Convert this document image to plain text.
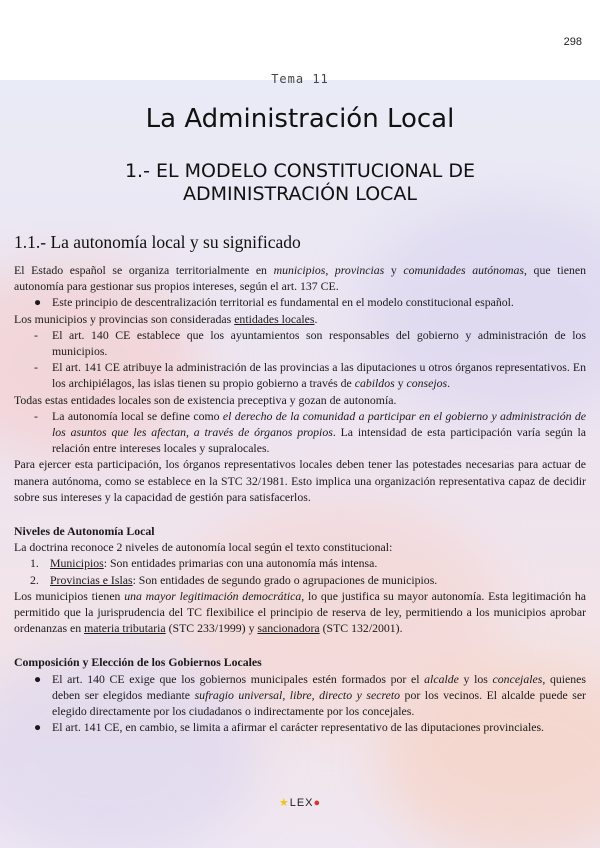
298
Tema 11
La Administración Local
1.- EL MODELO CONSTITUCIONAL DE
ADMINISTRACIÓN LOCAL
1.1.- La autonomía local y su significado

El Estado español se organiza territorialmente en municipios, provincias y comunidades autónomas, que tienen autonomía para gestionar sus propios intereses, según el art. 137 CE.

● Este principio de descentralización territorial es fundamental en el modelo constitucional español.

Los municipios y provincias son consideradas entidades locales.

-	El art. 140 CE establece que los ayuntamientos son responsables del gobierno y administración de los municipios.
-	El art. 141 CE atribuye la administración de las provincias a las diputaciones u otros órganos representativos. En los archipiélagos, las islas tienen su propio gobierno a través de cabildos y consejos.

Todas estas entidades locales son de existencia preceptiva y gozan de autonomía.

-	La autonomía local se define como el derecho de la comunidad a participar en el gobierno y administración de los asuntos que les afectan, a través de órganos propios. La intensidad de esta participación varía según la relación entre intereses locales y supralocales.

Para ejercer esta participación, los órganos representativos locales deben tener las potestades necesarias para actuar de manera autónoma, como se establece en la STC 32/1981. Esto implica una organización representativa capaz de decidir sobre sus intereses y la capacidad de gestión para satisfacerlos.

Niveles de Autonomía Local

La doctrina reconoce 2 niveles de autonomía local según el texto constitucional:

1. Municipios: Son entidades primarias con una autonomía más intensa.
2. Provincias e Islas: Son entidades de segundo grado o agrupaciones de municipios.

Los municipios tienen una mayor legitimación democrática, lo que justifica su mayor autonomía. Esta legitimación ha permitido que la jurisprudencia del TC flexibilice el principio de reserva de ley, permitiendo a los municipios aprobar ordenanzas en materia tributaria (STC 233/1999) y sancionadora (STC 132/2001).

Composición y Elección de los Gobiernos Locales

● El art. 140 CE exige que los gobiernos municipales estén formados por el alcalde y los concejales, quienes deben ser elegidos mediante sufragio universal, libre, directo y secreto por los vecinos. El alcalde puede ser elegido directamente por los ciudadanos o indirectamente por los concejales.
● El art. 141 CE, en cambio, se limita a afirmar el carácter representativo de las diputaciones provinciales.
★LEX●
